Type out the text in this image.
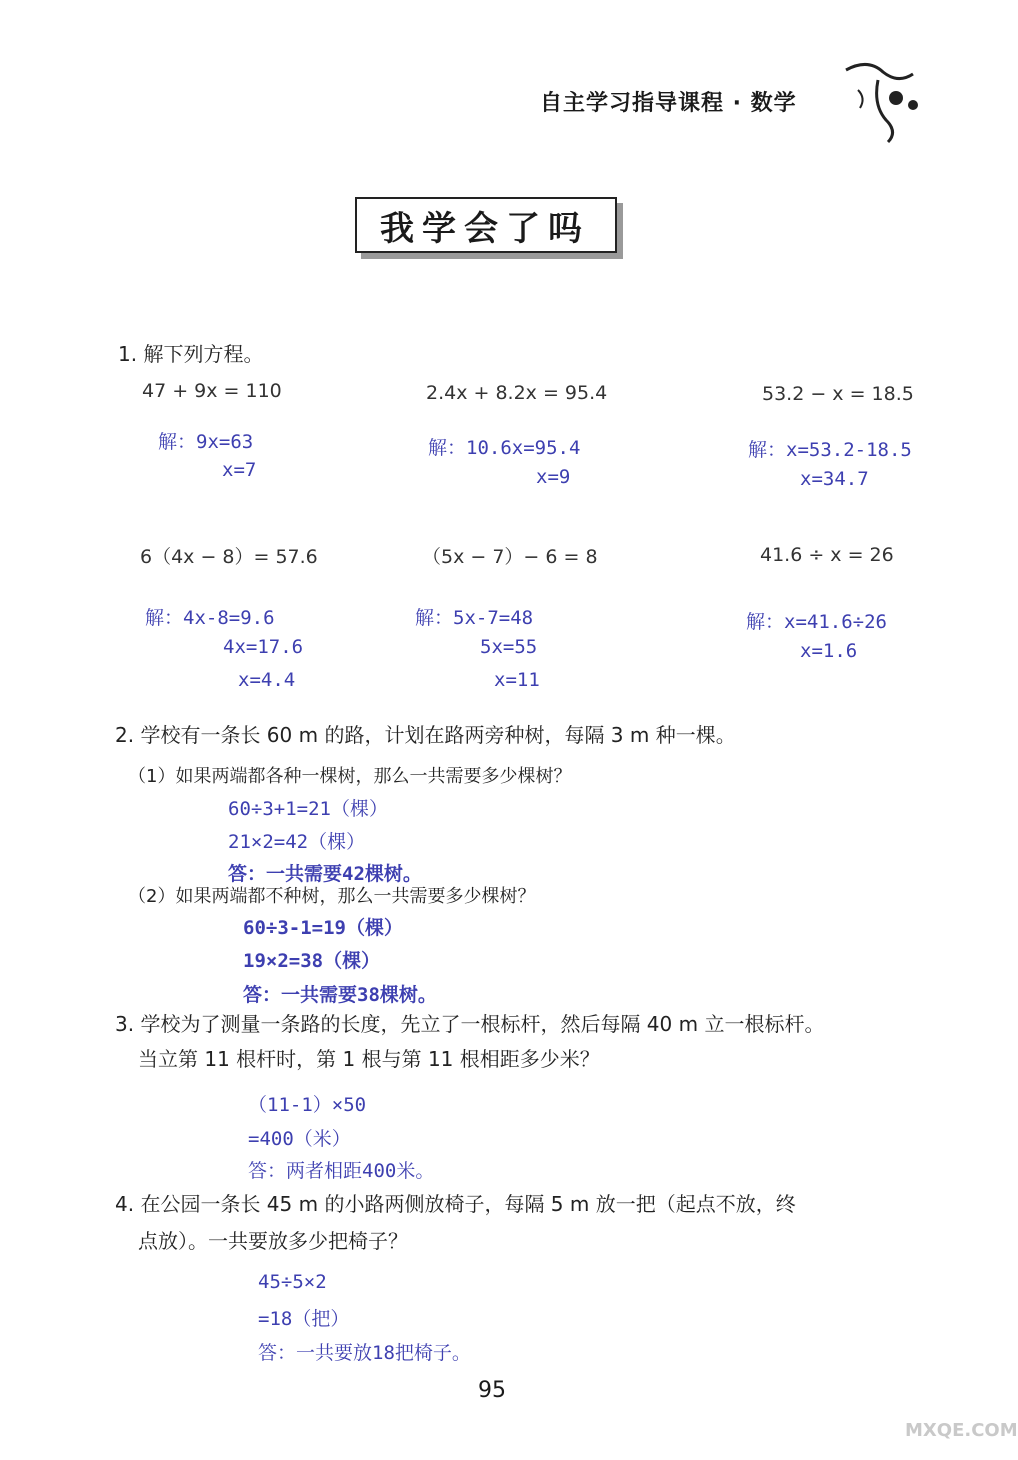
自主学习指导课程 · 数学
我学会了吗
1. 解下列方程。
47 + 9x = 110
解：9x=63
x=7
2.4x + 8.2x = 95.4
解：10.6x=95.4
x=9
53.2 − x = 18.5
解：x=53.2-18.5
x=34.7
6（4x − 8）= 57.6
解：4x-8=9.6
4x=17.6
x=4.4
（5x − 7）− 6 = 8
解：5x-7=48
5x=55
x=11
41.6 ÷ x = 26
解：x=41.6÷26
x=1.6
2. 学校有一条长 60 m 的路，计划在路两旁种树，每隔 3 m 种一棵。
（1）如果两端都各种一棵树，那么一共需要多少棵树？
60÷3+1=21（棵）
21×2=42（棵）
答：一共需要42棵树。
（2）如果两端都不种树，那么一共需要多少棵树？
60÷3-1=19（棵）
19×2=38（棵）
答：一共需要38棵树。
3. 学校为了测量一条路的长度，先立了一根标杆，然后每隔 40 m 立一根标杆。
当立第 11 根杆时，第 1 根与第 11 根相距多少米？
（11-1）×50
=400（米）
答：两者相距400米。
4. 在公园一条长 45 m 的小路两侧放椅子，每隔 5 m 放一把（起点不放，终
点放）。一共要放多少把椅子？
45÷5×2
=18（把）
答：一共要放18把椅子。
95
MXQE.COM
